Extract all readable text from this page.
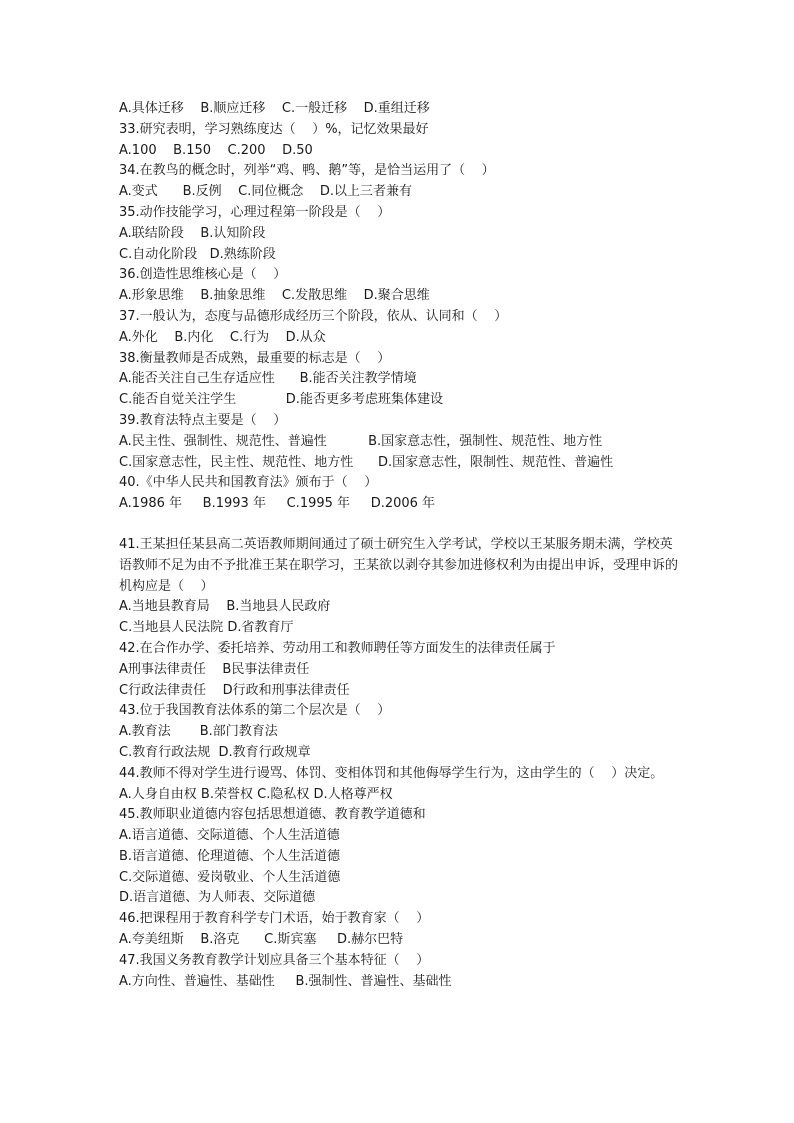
A.具体迁移    B.顺应迁移    C.一般迁移    D.重组迁移
33.研究表明，学习熟练度达（    ）%，记忆效果最好
A.100    B.150    C.200    D.50
34.在教鸟的概念时，列举“鸡、鸭、鹅”等，是恰当运用了（    ）
A.变式      B.反例    C.同位概念    D.以上三者兼有
35.动作技能学习，心理过程第一阶段是（    ）
A.联结阶段    B.认知阶段
C.自动化阶段   D.熟练阶段
36.创造性思维核心是（    ）
A.形象思维    B.抽象思维    C.发散思维    D.聚合思维
37.一般认为，态度与品德形成经历三个阶段，依从、认同和（    ）
A.外化    B.内化    C.行为    D.从众
38.衡量教师是否成熟，最重要的标志是（    ）
A.能否关注自己生存适应性      B.能否关注教学情境
C.能否自觉关注学生            D.能否更多考虑班集体建设
39.教育法特点主要是（    ）
A.民主性、强制性、规范性、普遍性          B.国家意志性，强制性、规范性、地方性
C.国家意志性，民主性、规范性、地方性      D.国家意志性，限制性、规范性、普遍性
40.《中华人民共和国教育法》颁布于（    ）
A.1986 年     B.1993 年     C.1995 年     D.2006 年
41.王某担任某县高二英语教师期间通过了硕士研究生入学考试，学校以王某服务期未满，学校英语教师不足为由不予批准王某在职学习，王某欲以剥夺其参加进修权利为由提出申诉，受理申诉的机构应是（    ）
A.当地县教育局    B.当地县人民政府
C.当地县人民法院 D.省教育厅
42.在合作办学、委托培养、劳动用工和教师聘任等方面发生的法律责任属于
A刑事法律责任    B民事法律责任
C行政法律责任    D行政和刑事法律责任
43.位于我国教育法体系的第二个层次是（    ）
A.教育法       B.部门教育法
C.教育行政法规  D.教育行政规章
44.教师不得对学生进行谩骂、体罚、变相体罚和其他侮辱学生行为，这由学生的（    ）决定。
A.人身自由权 B.荣誉权 C.隐私权 D.人格尊严权
45.教师职业道德内容包括思想道德、教育教学道德和
A.语言道德、交际道德、个人生活道德
B.语言道德、伦理道德、个人生活道德
C.交际道德、爱岗敬业、个人生活道德
D.语言道德、为人师表、交际道德
46.把课程用于教育科学专门术语，始于教育家（    ）
A.夸美纽斯    B.洛克      C.斯宾塞     D.赫尔巴特
47.我国义务教育教学计划应具备三个基本特征（    ）
A.方向性、普遍性、基础性     B.强制性、普遍性、基础性
